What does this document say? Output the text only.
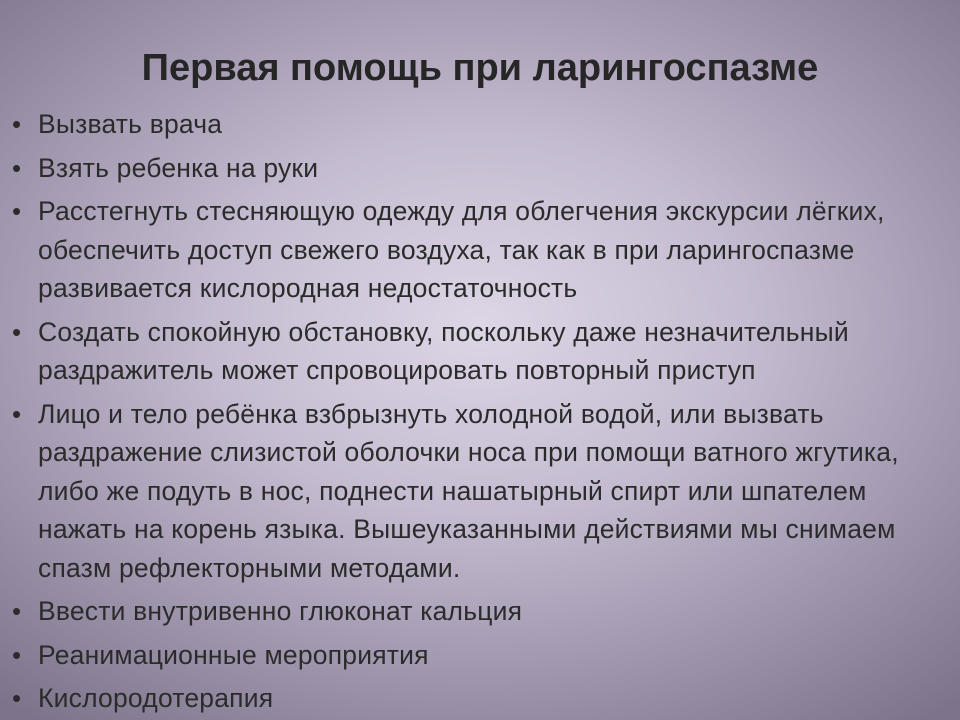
Первая помощь при ларингоспазме
• Вызвать врача
• Взять ребенка на руки
• Расстегнуть стесняющую одежду для облегчения экскурсии лёгких, обеспечить доступ свежего воздуха, так как в при ларингоспазме развивается кислородная недостаточность
• Создать спокойную обстановку, поскольку даже незначительный раздражитель может спровоцировать повторный приступ
• Лицо и тело ребёнка взбрызнуть холодной водой, или вызвать раздражение слизистой оболочки носа при помощи ватного жгутика, либо же подуть в нос, поднести нашатырный спирт или шпателем нажать на корень языка. Вышеуказанными действиями мы снимаем спазм рефлекторными методами.
• Ввести внутривенно глюконат кальция
• Реанимационные мероприятия
• Кислородотерапия
